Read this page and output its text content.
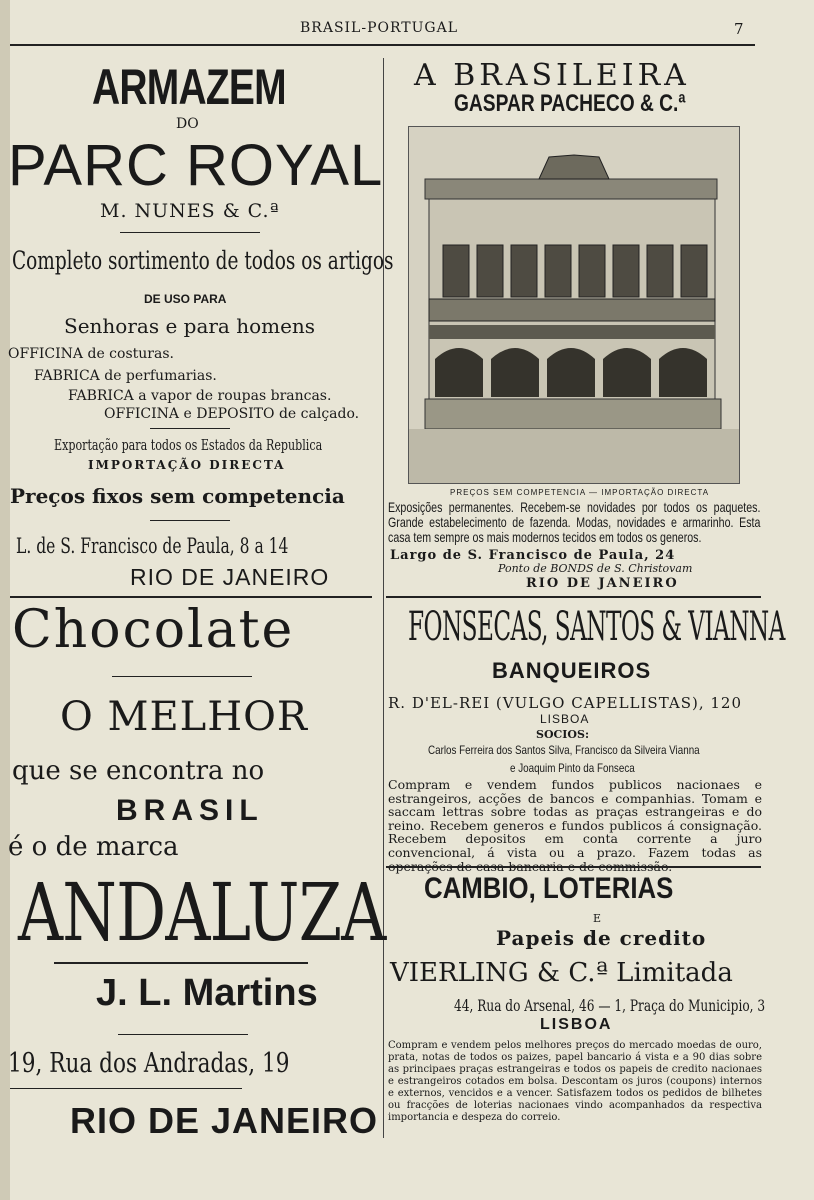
BRASIL-PORTUGAL	7
ARMAZEM
DO
PARC ROYAL
M. NUNES & C.ª
Completo sortimento de todos os artigos
DE USO PARA
Senhoras e para homens
OFFICINA de costuras.
FABRICA de perfumarias.
FABRICA a vapor de roupas brancas.
OFFICINA e DEPOSITO de calçado.
Exportação para todos os Estados da Republica
IMPORTAÇÃO DIRECTA
Preços fixos sem competencia
L. de S. Francisco de Paula, 8 a 14
RIO DE JANEIRO
Chocolate
O MELHOR
que se encontra no
BRASIL
é o de marca
ANDALUZA
J. L. Martins
19, Rua dos Andradas, 19
RIO DE JANEIRO
A BRASILEIRA
GASPAR PACHECO & C.ª
PREÇOS SEM COMPETENCIA — IMPORTAÇÃO DIRECTA
Exposições permanentes. Recebem-se novidades por todos os paquetes. Grande estabelecimento de fazenda. Modas, novidades e armarinho. Esta casa tem sempre os mais modernos tecidos em todos os generos.
Largo de S. Francisco de Paula, 24
Ponto de BONDS de S. Christovam
RIO DE JANEIRO
FONSECAS, SANTOS & VIANNA
BANQUEIROS
R. D'EL-REI (VULGO CAPELLISTAS), 120
LISBOA
SOCIOS:
Carlos Ferreira dos Santos Silva, Francisco da Silveira Vianna
e Joaquim Pinto da Fonseca
Compram e vendem fundos publicos nacionaes e estrangeiros, acções de bancos e companhias. Tomam e saccam lettras sobre todas as praças estrangeiras e do reino. Recebem generos e fundos publicos á consignação. Recebem depositos em conta corrente a juro convencional, á vista ou a prazo. Fazem todas as
CAMBIO, LOTERIAS
E
Papeis de credito
VIERLING & C.ª Limitada
44, Rua do Arsenal, 46 — 1, Praça do Municipio, 3
LISBOA
Compram e vendem pelos melhores preços do mercado moedas de ouro, prata, notas de todos os paizes, papel bancario á vista e a 90 dias sobre as principaes praças estrangeiras e todos os papeis de credito nacionaes e estrangeiros cotados em bolsa. Descontam os juros (coupons) internos e externos, vencidos e a vencer. Satisfazem todos os pedidos de bilhetes ou fracções de loterias nacionaes vindo acompanhados da respectiva importancia e despeza do correio.
